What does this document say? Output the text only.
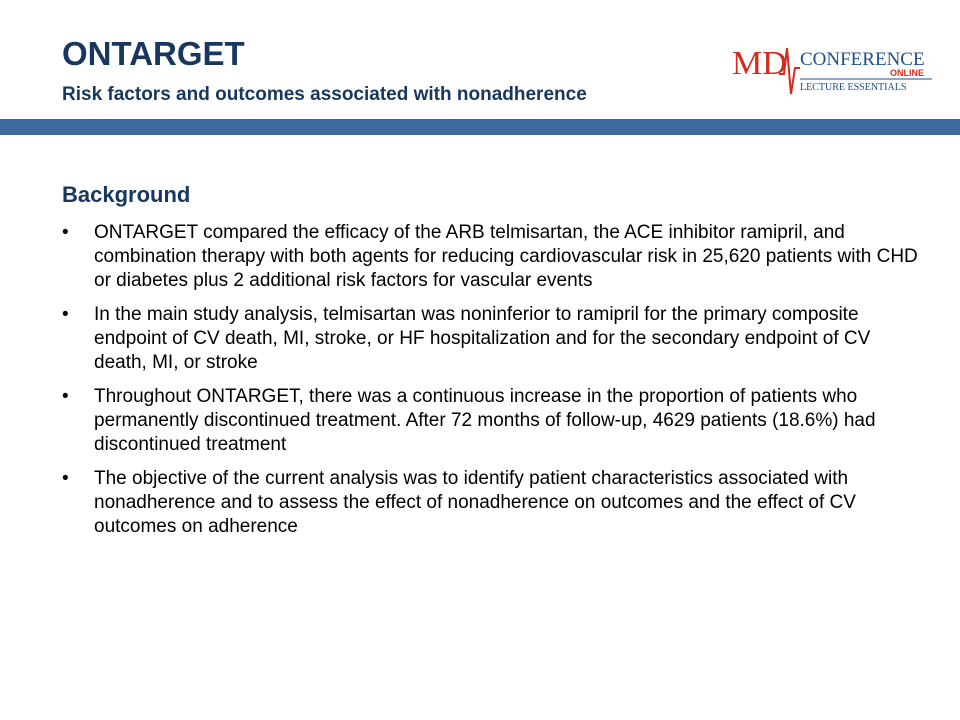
ONTARGET
Risk factors and outcomes associated with nonadherence
MD CONFERENCE
ONLINE
LECTURE ESSENTIALS
Background
•	ONTARGET compared the efficacy of the ARB telmisartan, the ACE inhibitor ramipril, and combination therapy with both agents for reducing cardiovascular risk in 25,620 patients with CHD or diabetes plus 2 additional risk factors for vascular events
•	In the main study analysis, telmisartan was noninferior to ramipril for the primary composite endpoint of CV death, MI, stroke, or HF hospitalization and for the secondary endpoint of CV death, MI, or stroke
•	Throughout ONTARGET, there was a continuous increase in the proportion of patients who permanently discontinued treatment. After 72 months of follow-up, 4629 patients (18.6%) had discontinued treatment
•	The objective of the current analysis was to identify patient characteristics associated with nonadherence and to assess the effect of nonadherence on outcomes and the effect of CV outcomes on adherence
